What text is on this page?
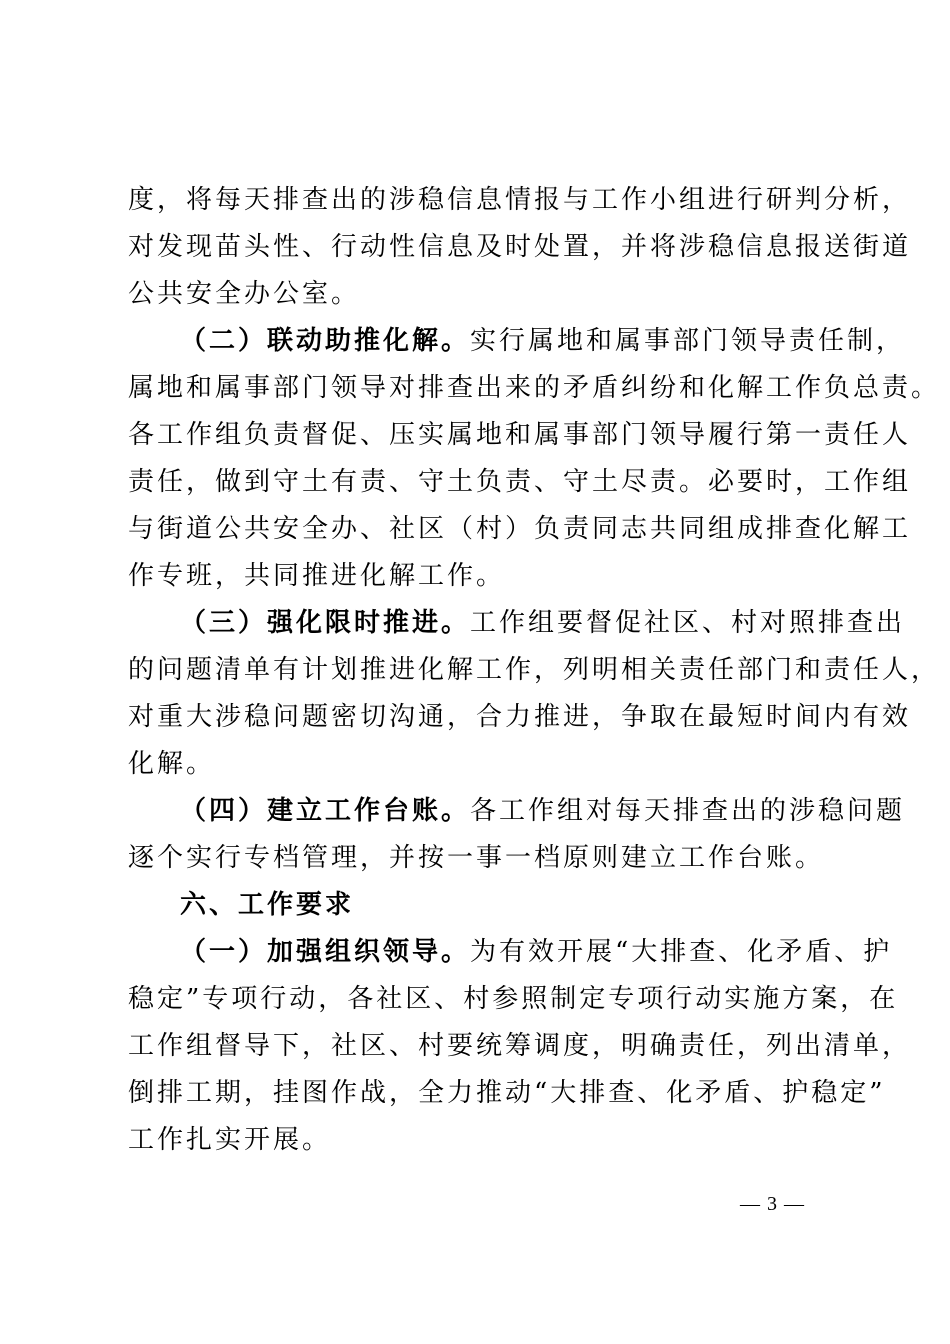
度，将每天排查出的涉稳信息情报与工作小组进行研判分析，
对发现苗头性、行动性信息及时处置，并将涉稳信息报送街道
公共安全办公室。
（二）联动助推化解。实行属地和属事部门领导责任制，
属地和属事部门领导对排查出来的矛盾纠纷和化解工作负总责。
各工作组负责督促、压实属地和属事部门领导履行第一责任人
责任，做到守土有责、守土负责、守土尽责。必要时，工作组
与街道公共安全办、社区（村）负责同志共同组成排查化解工
作专班，共同推进化解工作。
（三）强化限时推进。工作组要督促社区、村对照排查出
的问题清单有计划推进化解工作，列明相关责任部门和责任人，
对重大涉稳问题密切沟通，合力推进，争取在最短时间内有效
化解。
（四）建立工作台账。各工作组对每天排查出的涉稳问题
逐个实行专档管理，并按一事一档原则建立工作台账。
六、工作要求
（一）加强组织领导。为有效开展“大排查、化矛盾、护
稳定”专项行动，各社区、村参照制定专项行动实施方案，在
工作组督导下，社区、村要统筹调度，明确责任，列出清单，
倒排工期，挂图作战，全力推动“大排查、化矛盾、护稳定”
工作扎实开展。
— 3 —
